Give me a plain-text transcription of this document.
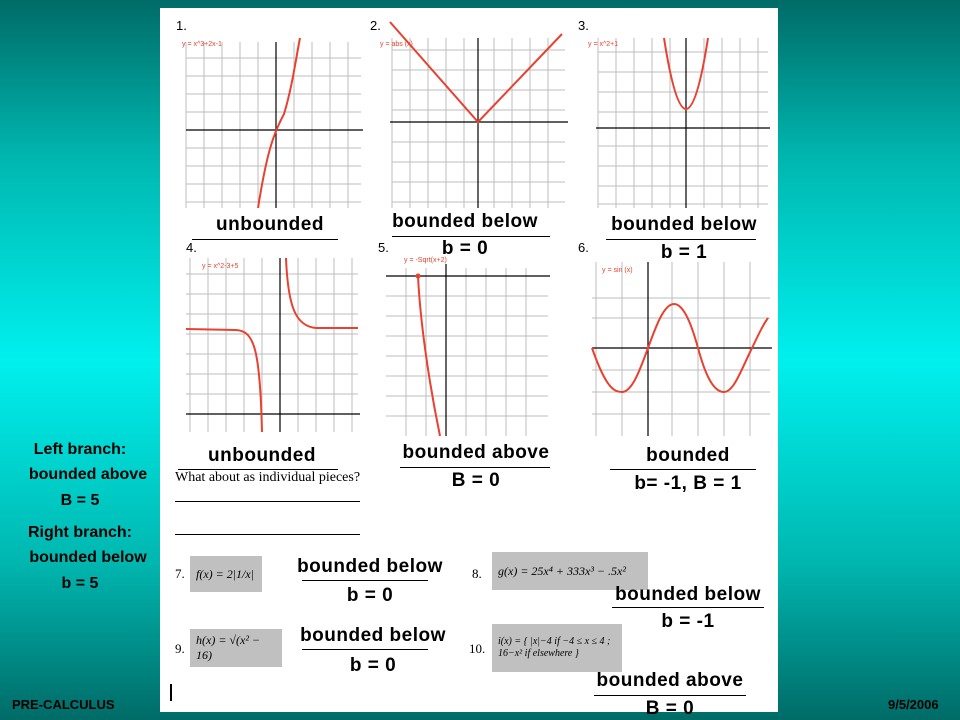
1.
y = x^3+2x-1
2.
y = abs (x)
3.
y = x^2+1
unbounded	bounded below
b = 0
bounded below
b = 1
4.
y = x^2-3+5
5.
y = -Sqrt(x+2)
6.
y = sin (x)
unbounded	bounded above
B = 0
bounded
b= -1, B = 1
What about as individual pieces?
Left branch:
bounded above
B = 5
Right branch:
bounded below
b = 5
7. f(x) = 2|1/x|	bounded below
b = 0
8.	g(x) = 25x⁴ + 333x³ − .5x²
bounded below
b = -1
9.
h(x) = √(x² − 16)
bounded below
b = 0
10.	i(x) = { |x|−4 if −4 ≤ x ≤ 4 ; 16−x² if elsewhere }
bounded above
B = 0
PRE-CALCULUS	9/5/2006
